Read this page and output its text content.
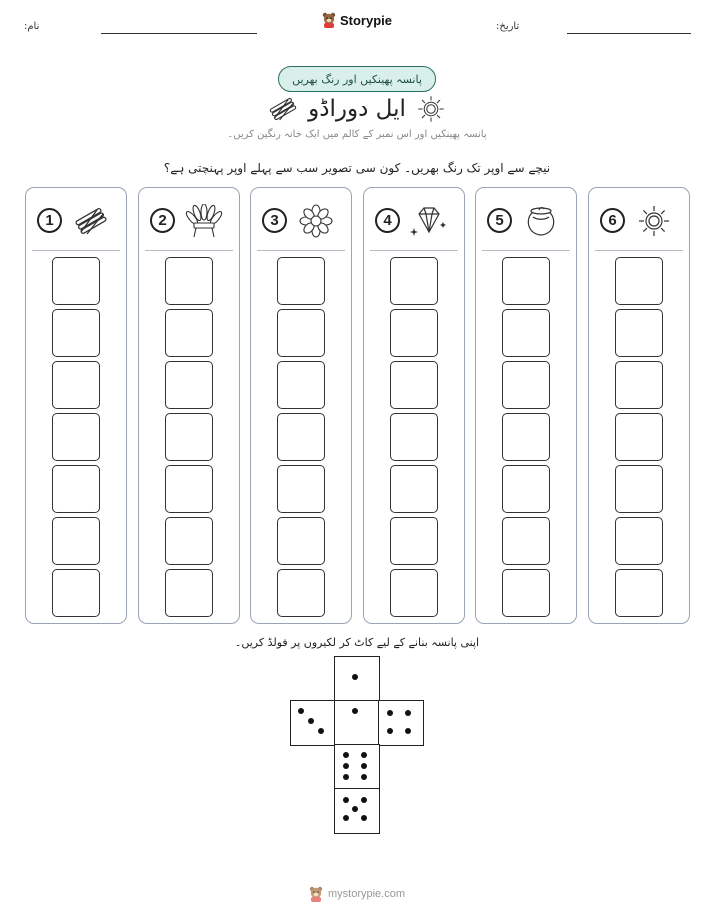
نام:	Storypie	تاریخ:
پانسہ پھینکیں اور رنگ بھریں
ایل دوراڈو
پانسہ پھینکیں اور اس نمبر کے کالم میں ایک خانہ رنگین کریں۔
نیچے سے اوپر تک رنگ بھریں۔ کون سی تصویر سب سے پہلے اوپر پہنچتی ہے؟
1	2	3	4	5	6
اپنی پانسہ بنانے کے لیے کاٹ کر لکیروں پر فولڈ کریں۔
mystorypie.com
